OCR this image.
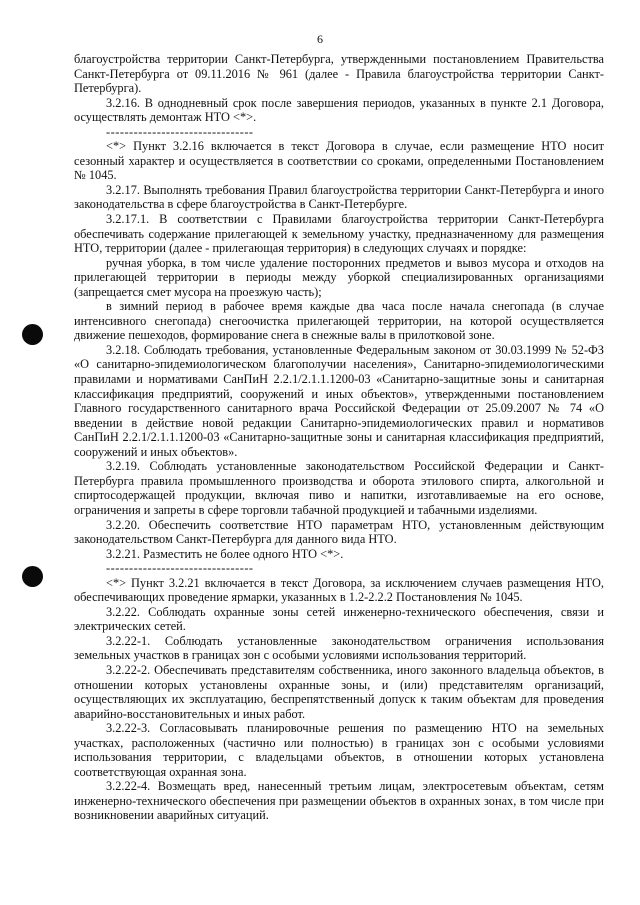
6

благоустройства территории Санкт-Петербурга, утвержденными постановлением Правительства Санкт-Петербурга от 09.11.2016 № 961 (далее - Правила благоустройства территории Санкт-Петербурга).

3.2.16. В однодневный срок после завершения периодов, указанных в пункте 2.1 Договора, осуществлять демонтаж НТО <*>.

--------------------------------

<*> Пункт 3.2.16 включается в текст Договора в случае, если размещение НТО носит сезонный характер и осуществляется в соответствии со сроками, определенными Постановлением № 1045.

3.2.17. Выполнять требования Правил благоустройства территории Санкт-Петербурга и иного законодательства в сфере благоустройства в Санкт-Петербурге.

3.2.17.1. В соответствии с Правилами благоустройства территории Санкт-Петербурга обеспечивать содержание прилегающей к земельному участку, предназначенному для размещения НТО, территории (далее - прилегающая территория) в следующих случаях и порядке:

ручная уборка, в том числе удаление посторонних предметов и вывоз мусора и отходов на прилегающей территории в периоды между уборкой специализированных организациями (запрещается смет мусора на проезжую часть);

в зимний период в рабочее время каждые два часа после начала снегопада (в случае интенсивного снегопада) снегоочистка прилегающей территории, на которой осуществляется движение пешеходов, формирование снега в снежные валы в прилотковой зоне.

3.2.18. Соблюдать требования, установленные Федеральным законом от 30.03.1999 № 52-ФЗ «О санитарно-эпидемиологическом благополучии населения», Санитарно-эпидемиологическими правилами и нормативами СанПиН 2.2.1/2.1.1.1200-03 «Санитарно-защитные зоны и санитарная классификация предприятий, сооружений и иных объектов», утвержденными постановлением Главного государственного санитарного врача Российской Федерации от 25.09.2007 № 74 «О введении в действие новой редакции Санитарно-эпидемиологических правил и нормативов СанПиН 2.2.1/2.1.1.1200-03 «Санитарно-защитные зоны и санитарная классификация предприятий, сооружений и иных объектов».

3.2.19. Соблюдать установленные законодательством Российской Федерации и Санкт-Петербурга правила промышленного производства и оборота этилового спирта, алкогольной и спиртосодержащей продукции, включая пиво и напитки, изготавливаемые на его основе, ограничения и запреты в сфере торговли табачной продукцией и табачными изделиями.

3.2.20. Обеспечить соответствие НТО параметрам НТО, установленным действующим законодательством Санкт-Петербурга для данного вида НТО.

3.2.21. Разместить не более одного НТО <*>.

--------------------------------

<*> Пункт 3.2.21 включается в текст Договора, за исключением случаев размещения НТО, обеспечивающих проведение ярмарки, указанных в 1.2-2.2.2 Постановления № 1045.

3.2.22. Соблюдать охранные зоны сетей инженерно-технического обеспечения, связи и электрических сетей.

3.2.22-1. Соблюдать установленные законодательством ограничения использования земельных участков в границах зон с особыми условиями использования территорий.

3.2.22-2. Обеспечивать представителям собственника, иного законного владельца объектов, в отношении которых установлены охранные зоны, и (или) представителям организаций, осуществляющих их эксплуатацию, беспрепятственный допуск к таким объектам для проведения аварийно-восстановительных и иных работ.

3.2.22-3. Согласовывать планировочные решения по размещению НТО на земельных участках, расположенных (частично или полностью) в границах зон с особыми условиями использования территории, с владельцами объектов, в отношении которых установлена соответствующая охранная зона.

3.2.22-4. Возмещать вред, нанесенный третьим лицам, электросетевым объектам, сетям инженерно-технического обеспечения при размещении объектов в охранных зонах, в том числе при возникновении аварийных ситуаций.
